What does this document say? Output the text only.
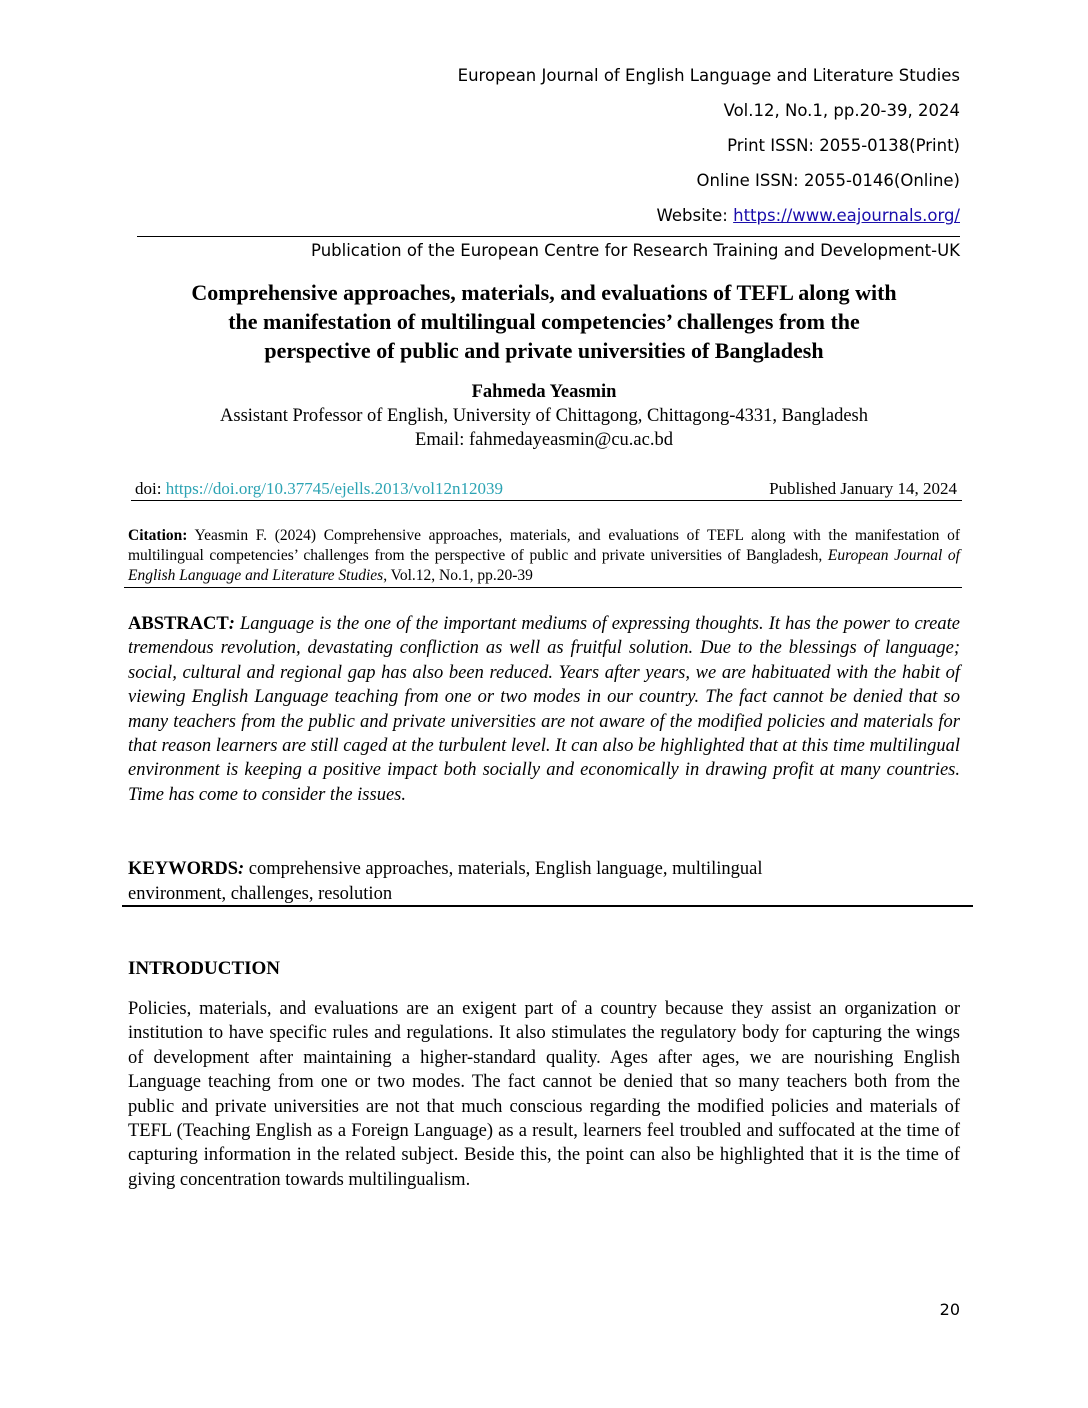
European Journal of English Language and Literature Studies
Vol.12, No.1, pp.20-39, 2024
Print ISSN: 2055-0138(Print)
Online ISSN: 2055-0146(Online)
Website: https://www.eajournals.org/
Publication of the European Centre for Research Training and Development-UK
Comprehensive approaches, materials, and evaluations of TEFL along with
the manifestation of multilingual competencies’ challenges from the
perspective of public and private universities of Bangladesh
Fahmeda Yeasmin
Assistant Professor of English, University of Chittagong, Chittagong-4331, Bangladesh
Email: fahmedayeasmin@cu.ac.bd
doi: https://doi.org/10.37745/ejells.2013/vol12n12039	Published January 14, 2024
Citation: Yeasmin F. (2024) Comprehensive approaches, materials, and evaluations of TEFL along with the manifestation of multilingual competencies’ challenges from the perspective of public and private universities of Bangladesh, European Journal of English Language and Literature Studies, Vol.12, No.1, pp.20-39
ABSTRACT: Language is the one of the important mediums of expressing thoughts. It has the power to create tremendous revolution, devastating confliction as well as fruitful solution. Due to the blessings of language; social, cultural and regional gap has also been reduced. Years after years, we are habituated with the habit of viewing English Language teaching from one or two modes in our country. The fact cannot be denied that so many teachers from the public and private universities are not aware of the modified policies and materials for that reason learners are still caged at the turbulent level. It can also be highlighted that at this time multilingual environment is keeping a positive impact both socially and economically in drawing profit at many countries. Time has come to consider the issues.
KEYWORDS: comprehensive approaches, materials, English language, multilingual
environment, challenges, resolution
INTRODUCTION
Policies, materials, and evaluations are an exigent part of a country because they assist an organization or institution to have specific rules and regulations. It also stimulates the regulatory body for capturing the wings of development after maintaining a higher-standard quality. Ages after ages, we are nourishing English Language teaching from one or two modes. The fact cannot be denied that so many teachers both from the public and private universities are not that much conscious regarding the modified policies and materials of TEFL (Teaching English as a Foreign Language) as a result, learners feel troubled and suffocated at the time of capturing information in the related subject. Beside this, the point can also be highlighted that it is the time of giving concentration towards multilingualism.
20
